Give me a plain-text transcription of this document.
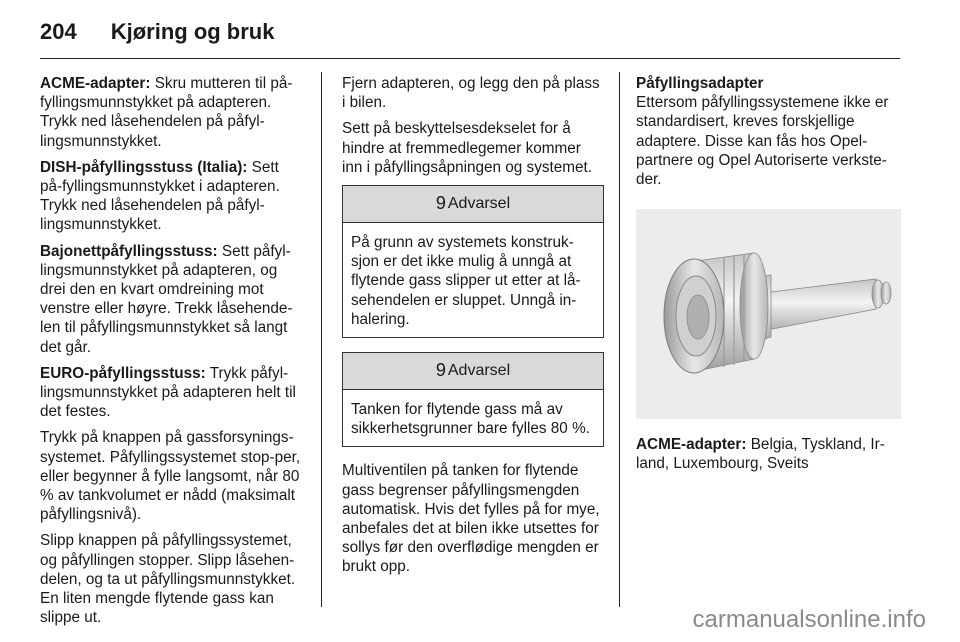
204 Kjøring og bruk

ACME-adapter: Skru mutteren til på-fyllingsmunnstykket på adapteren. Trykk ned låsehendelen på påfyl-lingsmunnstykket.

DISH-påfyllingsstuss (Italia): Sett på-fyllingsmunnstykket i adapteren. Trykk ned låsehendelen på påfyl-lingsmunnstykket.

Bajonettpåfyllingsstuss: Sett påfyl-lingsmunnstykket på adapteren, og drei den en kvart omdreining mot venstre eller høyre. Trekk låsehende-len til påfyllingsmunnstykket så langt det går.

EURO-påfyllingsstuss: Trykk påfyl-lingsmunnstykket på adapteren helt til det festes.

Trykk på knappen på gassforsynings-systemet. Påfyllingssystemet stop-per, eller begynner å fylle langsomt, når 80 % av tankvolumet er nådd (maksimalt påfyllingsnivå).

Slipp knappen på påfyllingssystemet, og påfyllingen stopper. Slipp låsehen-delen, og ta ut påfyllingsmunnstykket. En liten mengde flytende gass kan slippe ut.

Fjern adapteren, og legg den på plass i bilen.

Sett på beskyttelsesdekselet for å hindre at fremmedlegemer kommer inn i påfyllingsåpningen og systemet.

9 Advarsel
På grunn av systemets konstruk-sjon er det ikke mulig å unngå at flytende gass slipper ut etter at lå-sehendelen er sluppet. Unngå in-halering.
9 Advarsel
Tanken for flytende gass må av sikkerhetsgrunner bare fylles 80 %.

Multiventilen på tanken for flytende gass begrenser påfyllingsmengden automatisk. Hvis det fylles på for mye, anbefales det at bilen ikke utsettes for sollys før den overflødige mengden er brukt opp.

Påfyllingsadapter

Ettersom påfyllingssystemene ikke er standardisert, kreves forskjellige adaptere. Disse kan fås hos Opel-partnere og Opel Autoriserte verkste-der.

ACME-adapter: Belgia, Tyskland, Ir-land, Luxembourg, Sveits

carmanualsonline.info
